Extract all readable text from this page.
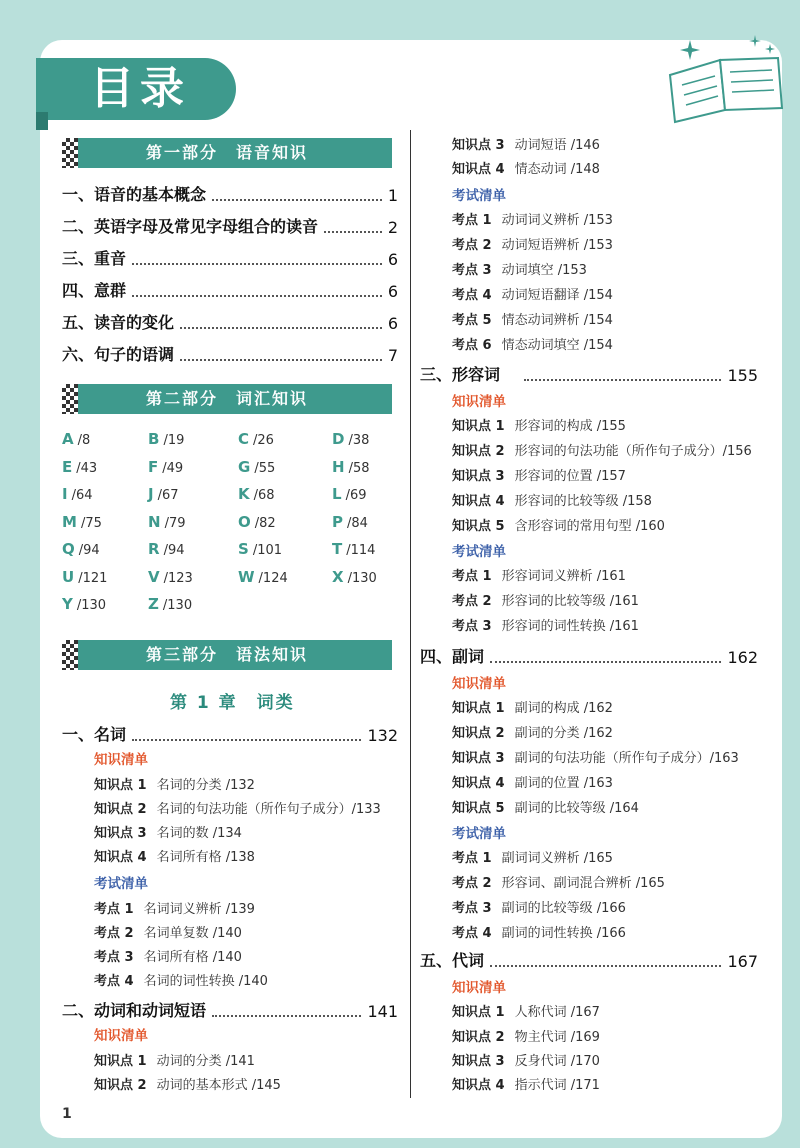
目录
第一部分　语音知识
一、语音的基本概念	1
二、英语字母及常见字母组合的读音	2
三、重音	6
四、意群	6
五、读音的变化	6
六、句子的语调	7
第二部分　词汇知识
A /8	B /19	C /26	D /38
E /43	F /49	G /55	H /58
I /64	J /67	K /68	L /69
M /75	N /79	O /82	P /84
Q /94	R /94	S /101	T /114
U /121	V /123	W /124	X /130
Y /130	Z /130
第三部分　语法知识
第 1 章　词类
一、名词	132
知识清单
知识点 1 名词的分类 /132
知识点 2 名词的句法功能（所作句子成分）/133
知识点 3 名词的数 /134
知识点 4 名词所有格 /138
考试清单
考点 1 名词词义辨析 /139
考点 2 名词单复数 /140
考点 3 名词所有格 /140
考点 4 名词的词性转换 /140
二、动词和动词短语	141
知识清单
知识点 1 动词的分类 /141
知识点 2 动词的基本形式 /145
知识点 3 动词短语 /146
知识点 4 情态动词 /148
考试清单
考点 1 动词词义辨析 /153
考点 2 动词短语辨析 /153
考点 3 动词填空 /153
考点 4 动词短语翻译 /154
考点 5 情态动词辨析 /154
考点 6 情态动词填空 /154
三、形容词	155
知识清单
知识点 1 形容词的构成 /155
知识点 2 形容词的句法功能（所作句子成分）/156
知识点 3 形容词的位置 /157
知识点 4 形容词的比较等级 /158
知识点 5 含形容词的常用句型 /160
考试清单
考点 1 形容词词义辨析 /161
考点 2 形容词的比较等级 /161
考点 3 形容词的词性转换 /161
四、副词	162
知识清单
知识点 1 副词的构成 /162
知识点 2 副词的分类 /162
知识点 3 副词的句法功能（所作句子成分）/163
知识点 4 副词的位置 /163
知识点 5 副词的比较等级 /164
考试清单
考点 1 副词词义辨析 /165
考点 2 形容词、副词混合辨析 /165
考点 3 副词的比较等级 /166
考点 4 副词的词性转换 /166
五、代词	167
知识清单
知识点 1 人称代词 /167
知识点 2 物主代词 /169
知识点 3 反身代词 /170
知识点 4 指示代词 /171
1
